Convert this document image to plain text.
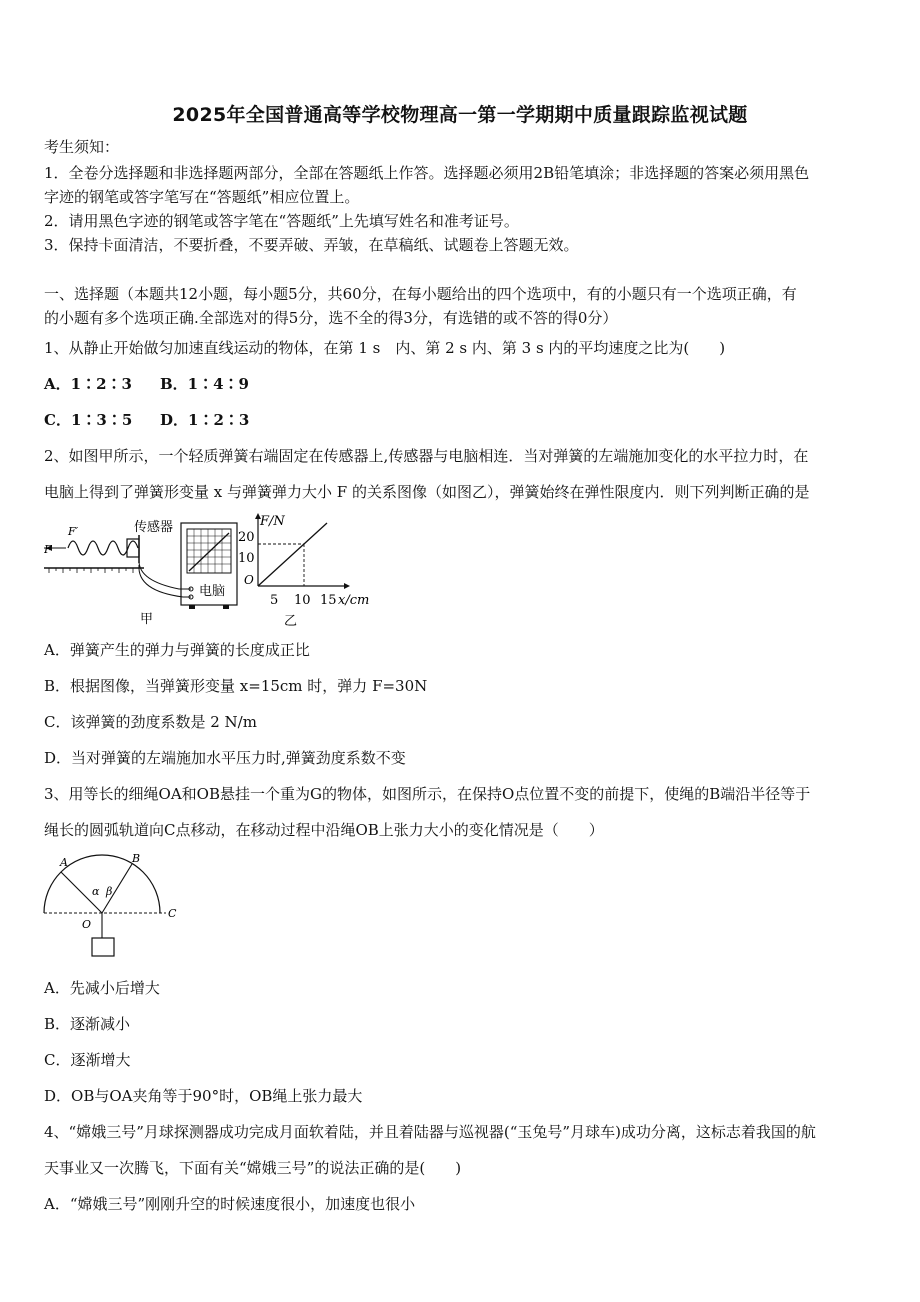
2025年全国普通高等学校物理高一第一学期期中质量跟踪监视试题
考生须知：
1．全卷分选择题和非选择题两部分，全部在答题纸上作答。选择题必须用2B铅笔填涂；非选择题的答案必须用黑色
字迹的钢笔或答字笔写在“答题纸”相应位置上。
2．请用黑色字迹的钢笔或答字笔在“答题纸”上先填写姓名和准考证号。
3．保持卡面清洁，不要折叠，不要弄破、弄皱，在草稿纸、试题卷上答题无效。
一、选择题（本题共12小题，每小题5分，共60分，在每小题给出的四个选项中，有的小题只有一个选项正确，有
的小题有多个选项正确.全部选对的得5分，选不全的得3分，有选错的或不答的得0分）
1、从静止开始做匀加速直线运动的物体，在第 1 s　内、第 2 s 内、第 3 s 内的平均速度之比为(　　)
A．1∶2∶3 B．1∶4∶9
C．1∶3∶5 D．1∶2∶3
2、如图甲所示，一个轻质弹簧右端固定在传感器上,传感器与电脑相连．当对弹簧的左端施加变化的水平拉力时，在
电脑上得到了弹簧形变量 x 与弹簧弹力大小 F 的关系图像（如图乙），弹簧始终在弹性限度内．则下列判断正确的是
F
F′	传感器
电脑
甲
F/N
20
10
O
5 10 15 x/cm
乙
A．弹簧产生的弹力与弹簧的长度成正比
B．根据图像，当弹簧形变量 x=15cm 时，弹力 F=30N
C．该弹簧的劲度系数是 2 N/m
D．当对弹簧的左端施加水平压力时,弹簧劲度系数不变
3、用等长的细绳OA和OB悬挂一个重为G的物体，如图所示，在保持O点位置不变的前提下，使绳的B端沿半径等于
绳长的圆弧轨道向C点移动，在移动过程中沿绳OB上张力大小的变化情况是（　　）
A	B
C
O
α β
A．先减小后增大
B．逐渐减小
C．逐渐增大
D．OB与OA夹角等于90°时，OB绳上张力最大
4、“嫦娥三号”月球探测器成功完成月面软着陆，并且着陆器与巡视器(“玉兔号”月球车)成功分离，这标志着我国的航
天事业又一次腾飞，下面有关“嫦娥三号”的说法正确的是(　　)
A．“嫦娥三号”刚刚升空的时候速度很小，加速度也很小
